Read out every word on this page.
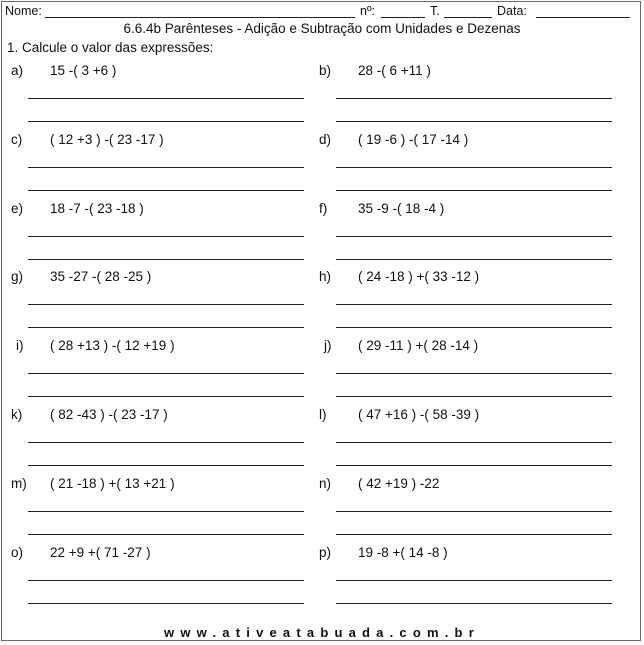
Nome:	nº:	T.	Data:
6.6.4b Parênteses - Adição e Subtração com Unidades e Dezenas
1. Calcule o valor das expressões:
a) 15 -( 3 +6 )	b) 28 -( 6 +11 )
c) ( 12 +3 ) -( 23 -17 )	d) ( 19 -6 ) -( 17 -14 )
e) 18 -7 -( 23 -18 )	f) 35 -9 -( 18 -4 )
g) 35 -27 -( 28 -25 )	h) ( 24 -18 ) +( 33 -12 )
i) ( 28 +13 ) -( 12 +19 )	j) ( 29 -11 ) +( 28 -14 )
k) ( 82 -43 ) -( 23 -17 )	l) ( 47 +16 ) -( 58 -39 )
m) ( 21 -18 ) +( 13 +21 )	n) ( 42 +19 ) -22
o) 22 +9 +( 71 -27 )	p) 19 -8 +( 14 -8 )
www.ativeatabuada.com.br
